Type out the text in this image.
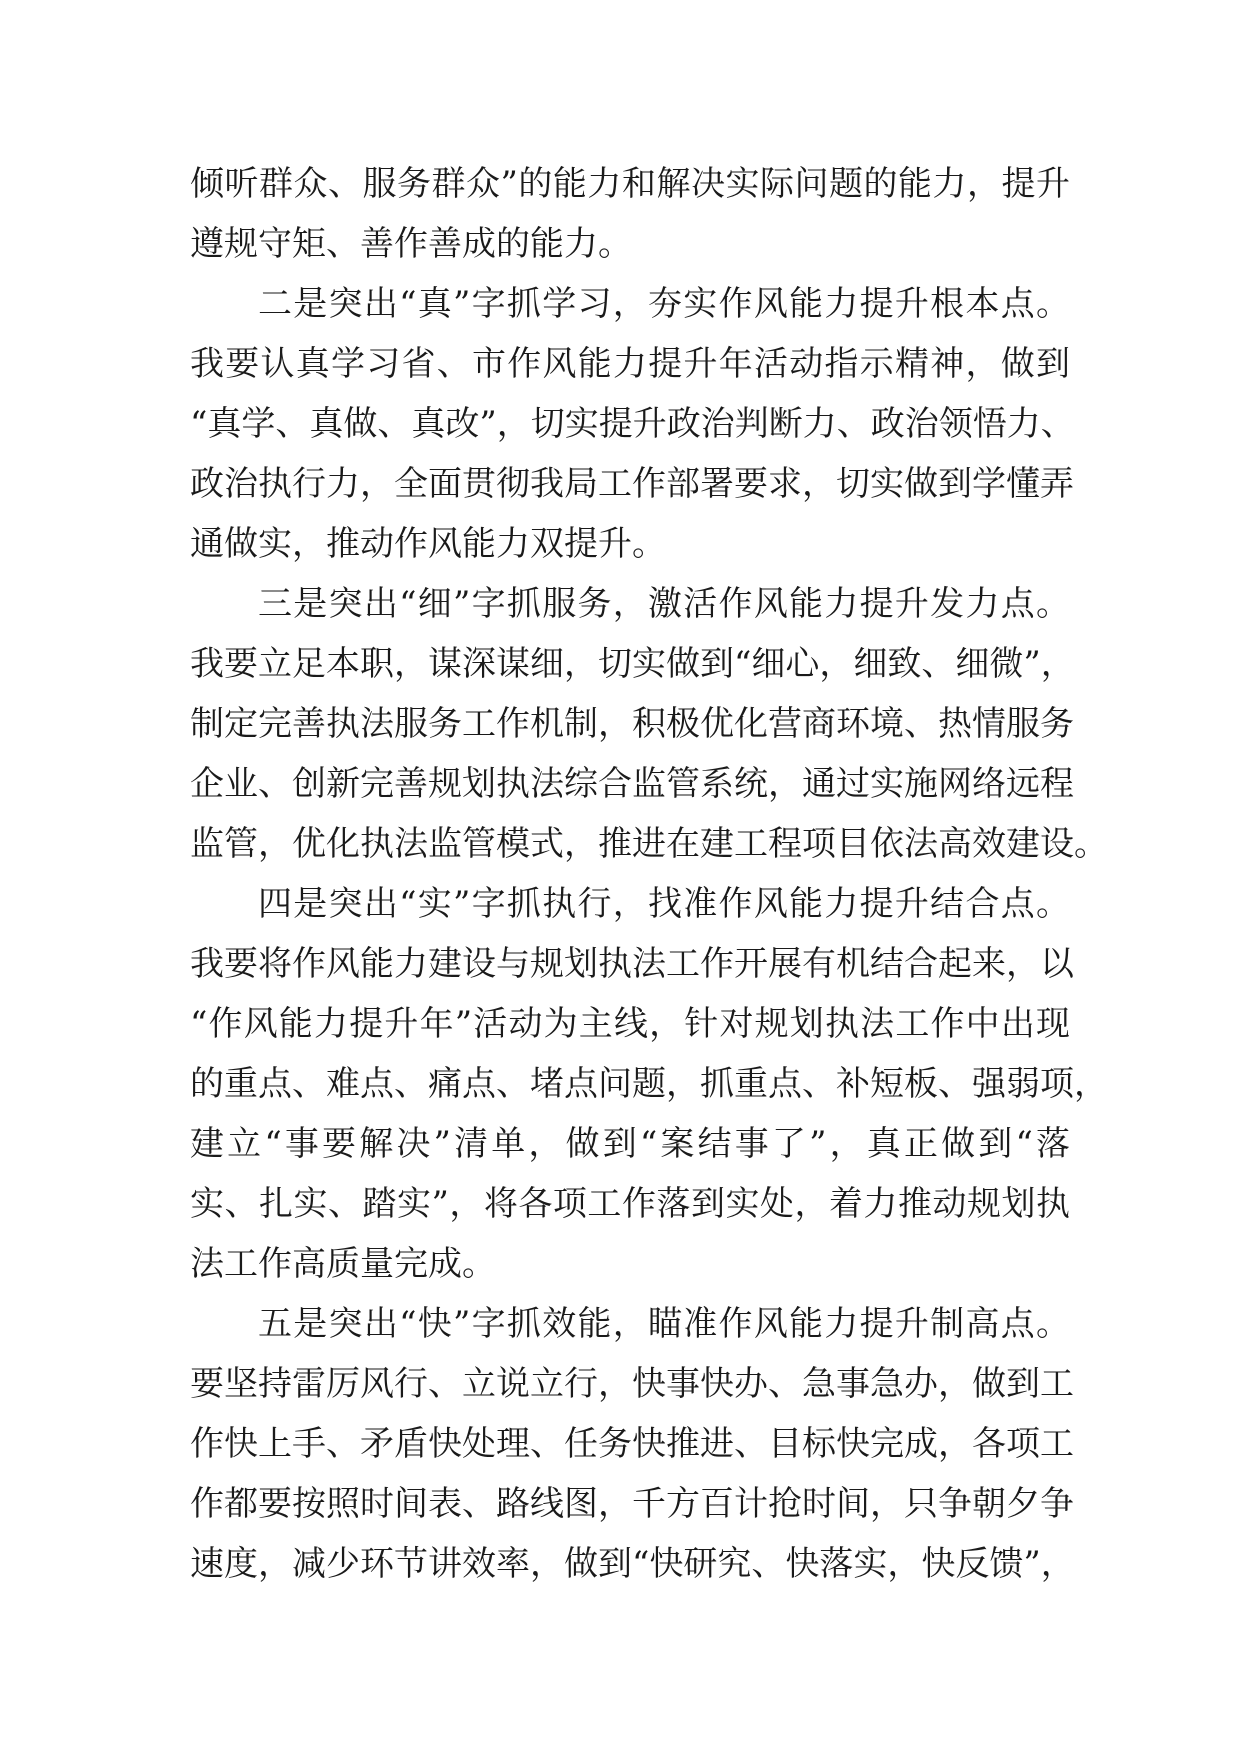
倾听群众、服务群众”的能力和解决实际问题的能力，提升

遵规守矩、善作善成的能力。

二是突出“真”字抓学习，夯实作风能力提升根本点。

我要认真学习省、市作风能力提升年活动指示精神，做到

“真学、真做、真改”，切实提升政治判断力、政治领悟力、

政治执行力，全面贯彻我局工作部署要求，切实做到学懂弄

通做实，推动作风能力双提升。

三是突出“细”字抓服务，激活作风能力提升发力点。

我要立足本职，谋深谋细，切实做到“细心，细致、细微”，

制定完善执法服务工作机制，积极优化营商环境、热情服务

企业、创新完善规划执法综合监管系统，通过实施网络远程

监管，优化执法监管模式，推进在建工程项目依法高效建设。

四是突出“实”字抓执行，找准作风能力提升结合点。

我要将作风能力建设与规划执法工作开展有机结合起来，以

“作风能力提升年”活动为主线，针对规划执法工作中出现

的重点、难点、痛点、堵点问题，抓重点、补短板、强弱项，

建立“事要解决”清单，做到“案结事了”，真正做到“落

实、扎实、踏实”，将各项工作落到实处，着力推动规划执

法工作高质量完成。

五是突出“快”字抓效能，瞄准作风能力提升制高点。

要坚持雷厉风行、立说立行，快事快办、急事急办，做到工

作快上手、矛盾快处理、任务快推进、目标快完成，各项工

作都要按照时间表、路线图，千方百计抢时间，只争朝夕争

速度，减少环节讲效率，做到“快研究、快落实，快反馈”，
